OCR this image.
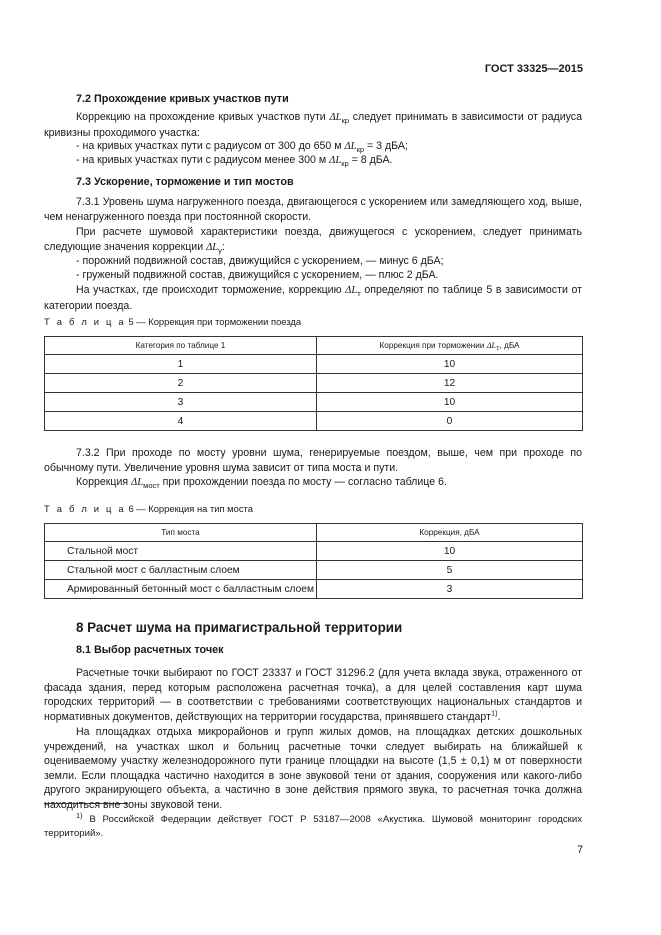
ГОСТ 33325—2015
7.2 Прохождение кривых участков пути

Коррекцию на прохождение кривых участков пути $\Delta L_{кр}$ следует принимать в зависимости от радиуса кривизны проходимого участка:

- на кривых участках пути с радиусом от 300 до 650 м $\Delta L_{кр} = 3$ дБА;

- на кривых участках пути с радиусом менее 300 м $\Delta L_{кр} = 8$ дБА.

7.3 Ускорение, торможение и тип мостов

7.3.1 Уровень шума нагруженного поезда, двигающегося с ускорением или замедляющего ход, выше, чем ненагруженного поезда при постоянной скорости.

При расчете шумовой характеристики поезда, движущегося с ускорением, следует принимать следующие значения коррекции $\Delta L_y$:

- порожний подвижной состав, движущийся с ускорением, — минус 6 дБА;

- груженый подвижной состав, движущийся с ускорением, — плюс 2 дБА.

На участках, где происходит торможение, коррекцию $\Delta L_т$ определяют по таблице 5 в зависимости от категории поезда.

Т а б л и ц а 5 — Коррекция при торможении поезда
Категория по таблице 1	Коррекция при торможении $\Delta L_т$, дБА
1	10
2	12
3	10
4	0

7.3.2 При проходе по мосту уровни шума, генерируемые поездом, выше, чем при проходе по обычному пути. Увеличение уровня шума зависит от типа моста и пути.

Коррекция $\Delta L_{мост}$ при прохождении поезда по мосту — согласно таблице 6.

Т а б л и ц а 6 — Коррекция на тип моста
Тип моста	Коррекция, дБА
Стальной мост	10
Стальной мост с балластным слоем	5
Армированный бетонный мост с балластным слоем	3
8 Расчет шума на примагистральной территории
8.1 Выбор расчетных точек

Расчетные точки выбирают по ГОСТ 23337 и ГОСТ 31296.2 (для учета вклада звука, отраженного от фасада здания, перед которым расположена расчетная точка), а для целей составления карт шума городских территорий — в соответствии с требованиями соответствующих национальных стандартов и нормативных документов, действующих на территории государства, принявшего стандарт$^{1)}$.

На площадках отдыха микрорайонов и групп жилых домов, на площадках детских дошкольных учреждений, на участках школ и больниц расчетные точки следует выбирать на ближайшей к оцениваемому участку железнодорожного пути границе площадки на высоте (1,5 ± 0,1) м от поверхности земли. Если площадка частично находится в зоне звуковой тени от здания, сооружения или какого-либо другого экранирующего объекта, а частично в зоне действия прямого звука, то расчетная точка должна находиться вне зоны звуковой тени.

$^{1)}$ В Российской Федерации действует ГОСТ Р 53187—2008 «Акустика. Шумовой мониторинг городских территорий».

7
